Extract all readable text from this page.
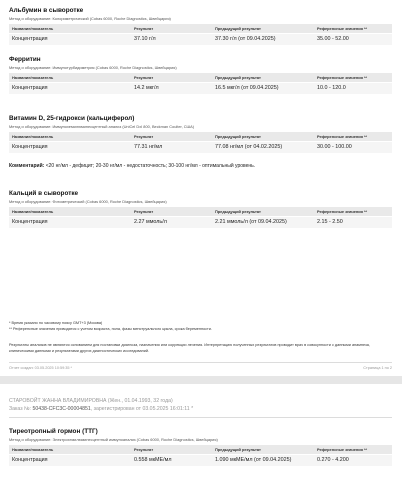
Альбумин в сыворотке
Метод и оборудование: Колориметрический (Cobas 6000, Roche Diagnostics, Швейцария)
Название/показатель	Результат	Предыдущий результат	Референсные значения **
Концентрация	37.10 г/л	37.30 г/л (от 09.04.2025)	35.00 - 52.00
Ферритин
Метод и оборудование: Иммунотурбидиметрия (Cobas 6000, Roche Diagnostics, Швейцария)
Название/показатель	Результат	Предыдущий результат	Референсные значения **
Концентрация	14.2 мкг/л	16.5 мкг/л (от 09.04.2025)	10.0 - 120.0
Витамин D, 25-гидрокси (кальциферол)
Метод и оборудование: Иммунохемилюминесцентный анализ (UniCel DxI 800, Beckman Coulter, США)
Название/показатель	Результат	Предыдущий результат	Референсные значения **
Концентрация	77.31 нг/мл	77.08 нг/мл (от 04.02.2025)	30.00 - 100.00
Комментарий: <20 нг/мл - дефицит; 20-30 нг/мл - недостаточность; 30-100 нг/мл - оптимальный уровень.
Кальций в сыворотке
Метод и оборудование: Фотометрический (Cobas 6000, Roche Diagnostics, Швейцария)
Название/показатель	Результат	Предыдущий результат	Референсные значения **
Концентрация	2.27 ммоль/л	2.21 ммоль/л (от 09.04.2025)	2.15 - 2.50
* Время указано по часовому поясу GMT+3 (Москва)
** Референсные значения приводятся с учетом возраста, пола, фазы менструального цикла, срока беременности.
Результаты анализов не являются основанием для постановки диагноза, назначения или коррекции лечения. Интерпретацию полученных результатов проводит врач в совокупности с данными анамнеза, клиническими данными и результатами других диагностических исследований.
Отчет создан: 03.05.2025 10:59:35 *	Страница 1 по 2
СТАРОВОЙТ ЖАННА ВЛАДИМИРОВНА (Жен., 01.04.1993, 32 года)
Заказ №: 50438-CFC3C-00004851, зарегистрирован от 03.05.2025 16:01:11 *
Тиреотропный гормон (ТТГ)
Метод и оборудование: Электрохемилюминесцентный иммуноанализ (Cobas 6000, Roche Diagnostics, Швейцария)
Название/показатель	Результат	Предыдущий результат	Референсные значения **
Концентрация	0.558 мкМЕ/мл	1.090 мкМЕ/мл (от 09.04.2025)	0.270 - 4.200
